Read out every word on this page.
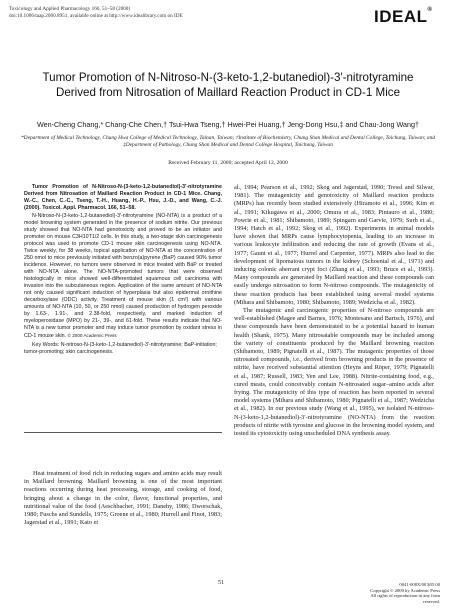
Toxicology and Applied Pharmacology 166, 51–58 (2000)
doi:10.1006/taap.2000.8951, available online at http://www.idealibrary.com on IDE	IDEAL®
Tumor Promotion of N-Nitroso-N-(3-keto-1,2-butanediol)-3′-nitrotyramine Derived from Nitrosation of Maillard Reaction Product in CD-1 Mice
Wen-Cheng Chang,* Chang-Che Chen,† Tsui-Hwa Tseng,† Hwei-Pei Huang,† Jeng-Dong Hsu,‡ and Chau-Jong Wang†
*Department of Medical Technology, Chung Hwa College of Medical Technology, Tainan, Taiwan; †Institute of Biochemistry, Chung Shan Medical and Dental College, Taichung, Taiwan; and ‡Department of Pathology, Chung Shan Medical and Dental College Hospital, Taichung, Taiwan
Received February 11, 2000; accepted April 12, 2000

Tumor Promotion of N-Nitroso-N-(3-keto-1,2-butanediol)-3′-nitrotyramine Derived from Nitrosation of Maillard Reaction Product in CD-1 Mice. Chang, W.-C., Chen, C.-C., Tseng, T.-H., Huang, H.-P., Hsu, J.-D., and Wang, C.-J. (2000). Toxicol. Appl. Pharmacol. 166, 51–58.

N-Nitroso-N-(3-keto-1,2-butanediol)-3′-nitrotyramine (NO-NTA) is a product of a model browning system generated in the presence of sodium nitrite. Our previous study showed that NO-NTA had genotoxicity and proved to be an initiator and promoter on mouse C3H10T1/2 cells. In this study, a two-stage skin carcinogenesis protocol was used to promote CD-1 mouse skin carcinogenesis using NO-NTA. Twice weekly, for 38 weeks, topical application of NO-NTA at the concentration of 250 nmol to mice previously initiated with benzo(a)pyrene (BaP) caused 90% tumor incidence. However, no tumors were observed in mice treated with BaP or treated with NO-NTA alone. The NO-NTA-promoted tumors that were observed histologically in mice showed well-differentiated squamous cell carcinoma with invasion into the subcutaneous region. Application of the same amount of NO-NTA not only caused significant induction of hyperplasia but also epidermal ornithine decarboxylase (ODC) activity. Treatment of mouse skin (1 cm²) with various amounts of NO-NTA (10, 50, or 250 nmol) caused production of hydrogen peroxide by 1.63-, 1.91-, and 2.38-fold, respectively, and marked induction of myeloperoxidase (MPO) by 21-, 39-, and 61-fold. These results indicate that NO-NTA is a new tumor promoter and may induce tumor promotion by oxidant stress in CD-1 mouse skin. © 2000 Academic Press

Key Words: N-nitroso-N-(3-keto-1,2-butanediol)-3′-nitrotyramine; BaP-initiation; tumor-promoting; skin carcinogenesis.

Heat treatment of food rich in reducing sugars and amino acids may result in Maillard browning. Maillard browning is one of the most important reactions occurring during heat processing, storage, and cooking of food, bringing about a change in the color, flavor, functional properties, and nutritional value of the food (Aeschbacher, 1991; Danehy, 1986; Dworschak, 1980; Fuschs and Sundells, 1975; Groene et al., 1980; Hurrell and Finot, 1983; Jagerstad et al., 1991; Kato et

al., 1994; Pearson et al., 1992; Skog and Jagerstad, 1990; Tressl and Silwar, 1981). The mutagenicity and genotoxicity of Maillard reaction products (MRPs) has recently been studied extensively (Hiramoto et al., 1996; Kim et al., 1991; Kikugawa et al., 2000; Omura et al., 1983; Pintauro et al., 1980; Powrie et al., 1981; Shibamoto, 1989; Spingarn and Garvie, 1979; Surh et al., 1994; Hatch et al., 1992; Skog et al., 1992). Experiments in animal models have shown that MRPs cause lymphocytopenia, leading to an increase in various leukocyte infiltration and reducing the rate of growth (Evans et al., 1977; Gaunt et al., 1977; Hurrel and Carpenter, 1977). MRPs also lead to the development of lipomatous tumors in the kidney (Schoental et al., 1971) and inducing colonic aberrant crypt foci (Zhang et al., 1993; Bruce et al., 1993). Many compounds are generated by Maillard reaction and these compounds can easily undergo nitrosation to form N-nitroso compounds. The mutagenicity of these reaction products has been established using several model systems (Mihara and Shibamoto, 1980; Shibamoto, 1989; Wedzicha et al., 1982).

The mutagenic and carcinogenic properties of N-nitroso compounds are well-established (Magee and Barnes, 1976; Montesano and Bartsch, 1976), and these compounds have been demonstrated to be a potential hazard to human health (Shank, 1975). Many nitrosatable compounds may be included among the variety of constituents produced by the Maillard browning reaction (Shibamoto, 1989; Pignatelli et al., 1987). The mutagenic properties of those nitrosated compounds, i.e., derived from browning products in the presence of nitrite, have received substantial attention (Heyns and Röper, 1979; Pignatelli et al., 1987; Russell, 1983; Yen and Lee, 1988). Nitrite-containing food, e.g., cured meats, could conceivably contain N-nitrosated sugar–amino acids after frying. The mutagenicity of this type of reaction has been reported in several model systems (Mihara and Shibamoto, 1980; Pignatelli et al., 1987; Wedzicha et al., 1982). In our previous study (Wang et al., 1995), we isolated N-nitroso-N-(3-keto-1,2-butanediol)-3′-nitrotyramine (NO-NTA) from the reaction products of nitrite with tyrosine and glucose in the browning model system, and tested its cytotoxicity using unscheduled DNA synthesis assay.

51	0041-008X/00 $35.00
Copyright © 2000 by Academic Press
All rights of reproduction in any form reserved.
